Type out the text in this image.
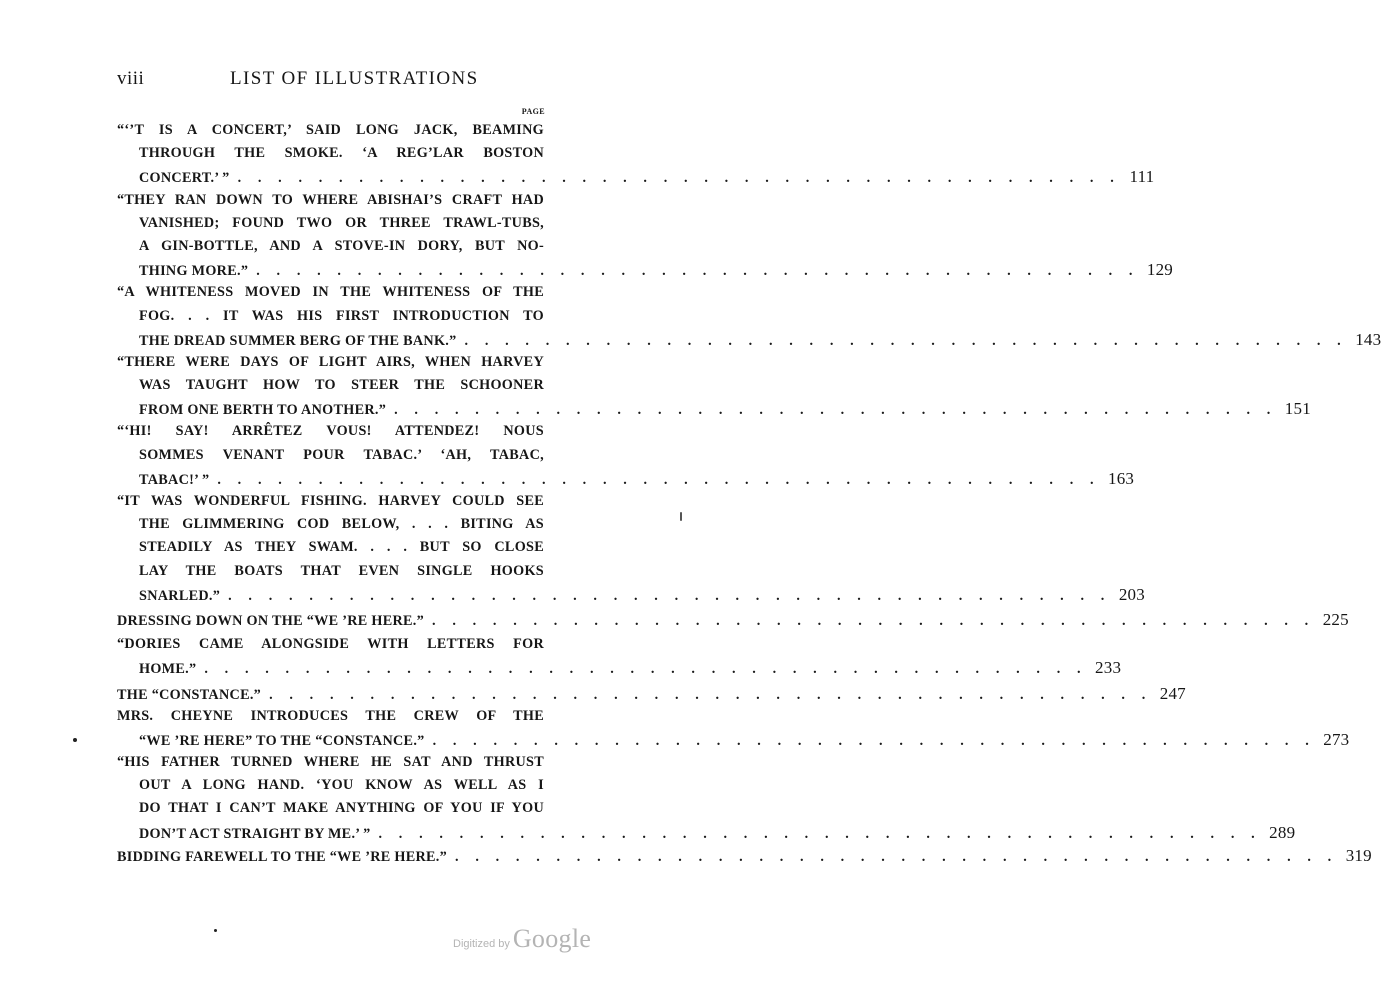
viii	LIST OF ILLUSTRATIONS
PAGE
“‘’T IS A CONCERT,’ SAID LONG JACK, BEAMING
THROUGH THE SMOKE. ‘A REG’LAR BOSTON
CONCERT.’ ” . . . . . . . . . . . . . . . . . . . . . . . . . . . . . . . . . . . . . . . . . . . . 111
“THEY RAN DOWN TO WHERE ABISHAI’S CRAFT HAD
VANISHED; FOUND TWO OR THREE TRAWL-TUBS,
A GIN-BOTTLE, AND A STOVE-IN DORY, BUT NO-
THING MORE.” . . . . . . . . . . . . . . . . . . . . . . . . . . . . . . . . . . . . . . . . . . . . 129
“A WHITENESS MOVED IN THE WHITENESS OF THE
FOG. . . IT WAS HIS FIRST INTRODUCTION TO
THE DREAD SUMMER BERG OF THE BANK.” . . . . . . . . . . . . . . . . . . . . . . . . . . . . . . . . . . . . . . . . . . . . 143
“THERE WERE DAYS OF LIGHT AIRS, WHEN HARVEY
WAS TAUGHT HOW TO STEER THE SCHOONER
FROM ONE BERTH TO ANOTHER.” . . . . . . . . . . . . . . . . . . . . . . . . . . . . . . . . . . . . . . . . . . . . 151
“‘HI! SAY! ARRÊTEZ VOUS! ATTENDEZ! NOUS
SOMMES VENANT POUR TABAC.’ ‘AH, TABAC,
TABAC!’ ” . . . . . . . . . . . . . . . . . . . . . . . . . . . . . . . . . . . . . . . . . . . . 163
“IT WAS WONDERFUL FISHING. HARVEY COULD SEE
THE GLIMMERING COD BELOW, . . . BITING AS
STEADILY AS THEY SWAM. . . . BUT SO CLOSE
LAY THE BOATS THAT EVEN SINGLE HOOKS
SNARLED.” . . . . . . . . . . . . . . . . . . . . . . . . . . . . . . . . . . . . . . . . . . . . 203
DRESSING DOWN ON THE “WE ’RE HERE.” . . . . . . . . . . . . . . . . . . . . . . . . . . . . . . . . . . . . . . . . . . . . 225
“DORIES CAME ALONGSIDE WITH LETTERS FOR
HOME.” . . . . . . . . . . . . . . . . . . . . . . . . . . . . . . . . . . . . . . . . . . . . 233
THE “CONSTANCE.” . . . . . . . . . . . . . . . . . . . . . . . . . . . . . . . . . . . . . . . . . . . . 247
MRS. CHEYNE INTRODUCES THE CREW OF THE
“WE ’RE HERE” TO THE “CONSTANCE.” . . . . . . . . . . . . . . . . . . . . . . . . . . . . . . . . . . . . . . . . . . . . 273
“HIS FATHER TURNED WHERE HE SAT AND THRUST
OUT A LONG HAND. ‘YOU KNOW AS WELL AS I
DO THAT I CAN’T MAKE ANYTHING OF YOU IF YOU
DON’T ACT STRAIGHT BY ME.’ ” . . . . . . . . . . . . . . . . . . . . . . . . . . . . . . . . . . . . . . . . . . . . 289
BIDDING FAREWELL TO THE “WE ’RE HERE.” . . . . . . . . . . . . . . . . . . . . . . . . . . . . . . . . . . . . . . . . . . . . 319
Digitized by Google
